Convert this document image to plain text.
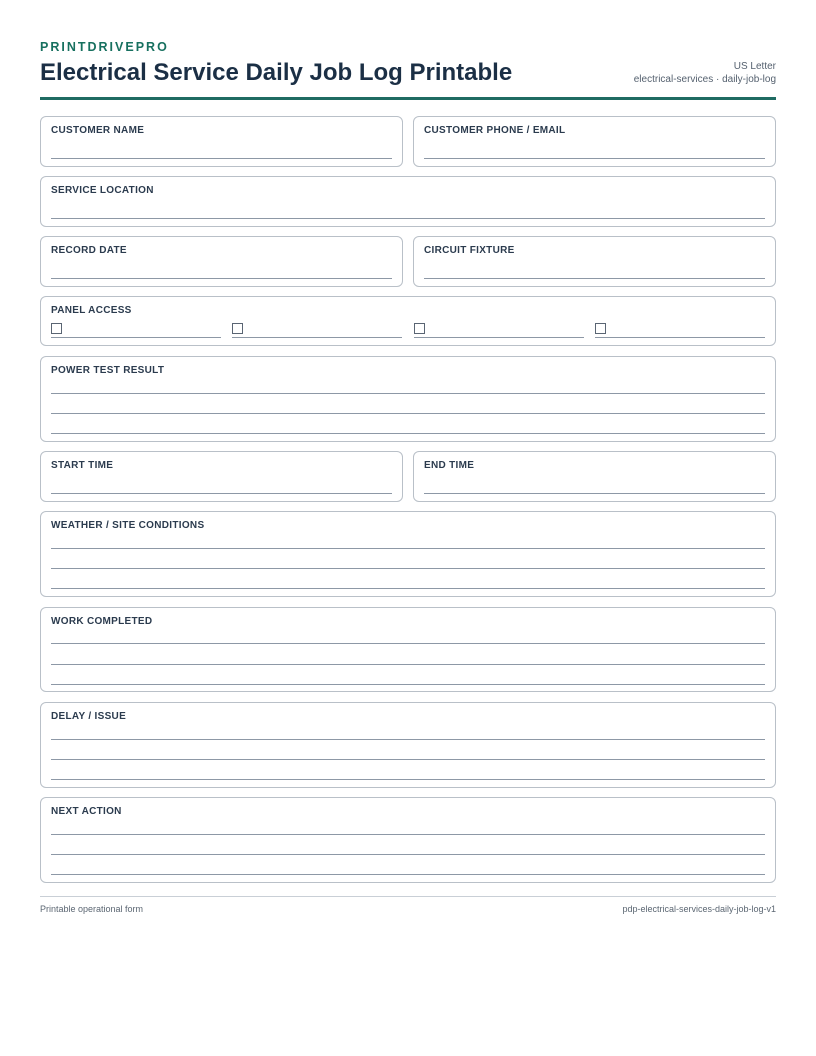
PRINTDRIVEPRO
Electrical Service Daily Job Log Printable	US Letter
electrical-services · daily-job-log
CUSTOMER NAME	CUSTOMER PHONE / EMAIL
SERVICE LOCATION
RECORD DATE	CIRCUIT FIXTURE
PANEL ACCESS
POWER TEST RESULT
START TIME	END TIME
WEATHER / SITE CONDITIONS
WORK COMPLETED
DELAY / ISSUE
NEXT ACTION
Printable operational form	pdp-electrical-services-daily-job-log-v1
